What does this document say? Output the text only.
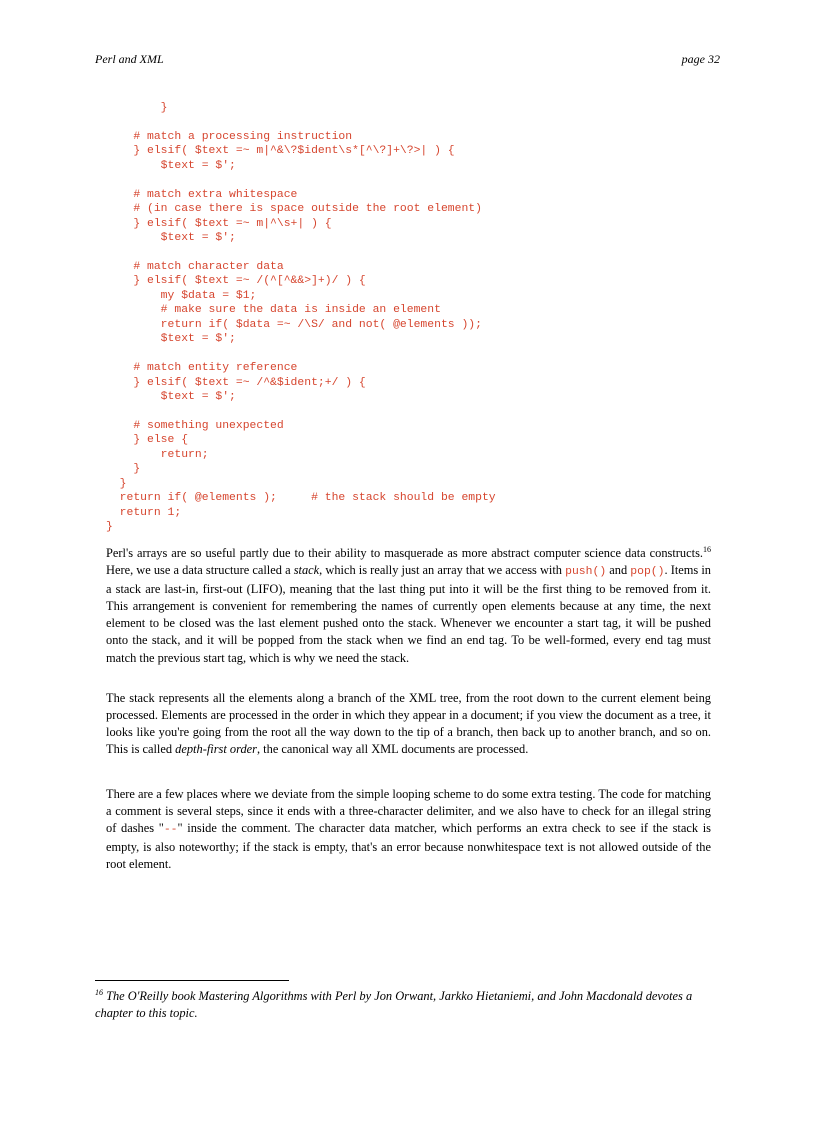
Perl and XML	page 32
}

# match a processing instruction
} elsif( $text =~ m|^&\?$ident\s*[^\?]+\?>| ) {
$text = $';

# match extra whitespace
# (in case there is space outside the root element)
} elsif( $text =~ m|^\s+| ) {
$text = $';

# match character data
} elsif( $text =~ /(^[^&&>]+)/ ) {
my $data = $1;
# make sure the data is inside an element
return if( $data =~ /\S/ and not( @elements ));
$text = $';

# match entity reference
} elsif( $text =~ /^&$ident;+/ ) {
$text = $';

# something unexpected
} else {
return;
}
}
return if( @elements );     # the stack should be empty
return 1;
}

Perl's arrays are so useful partly due to their ability to masquerade as more abstract computer science data constructs.$^{16}$ Here, we use a data structure called a stack, which is really just an array that we access with push() and pop(). Items in a stack are last-in, first-out (LIFO), meaning that the last thing put into it will be the first thing to be removed from it. This arrangement is convenient for remembering the names of currently open elements because at any time, the next element to be closed was the last element pushed onto the stack. Whenever we encounter a start tag, it will be pushed onto the stack, and it will be popped from the stack when we find an end tag. To be well-formed, every end tag must match the previous start tag, which is why we need the stack.

The stack represents all the elements along a branch of the XML tree, from the root down to the current element being processed. Elements are processed in the order in which they appear in a document; if you view the document as a tree, it looks like you're going from the root all the way down to the tip of a branch, then back up to another branch, and so on. This is called depth-first order, the canonical way all XML documents are processed.

There are a few places where we deviate from the simple looping scheme to do some extra testing. The code for matching a comment is several steps, since it ends with a three-character delimiter, and we also have to check for an illegal string of dashes "--" inside the comment. The character data matcher, which performs an extra check to see if the stack is empty, is also noteworthy; if the stack is empty, that's an error because nonwhitespace text is not allowed outside of the root element.

$^{16}$ The O'Reilly book Mastering Algorithms with Perl by Jon Orwant, Jarkko Hietaniemi, and John Macdonald devotes a chapter to this topic.
